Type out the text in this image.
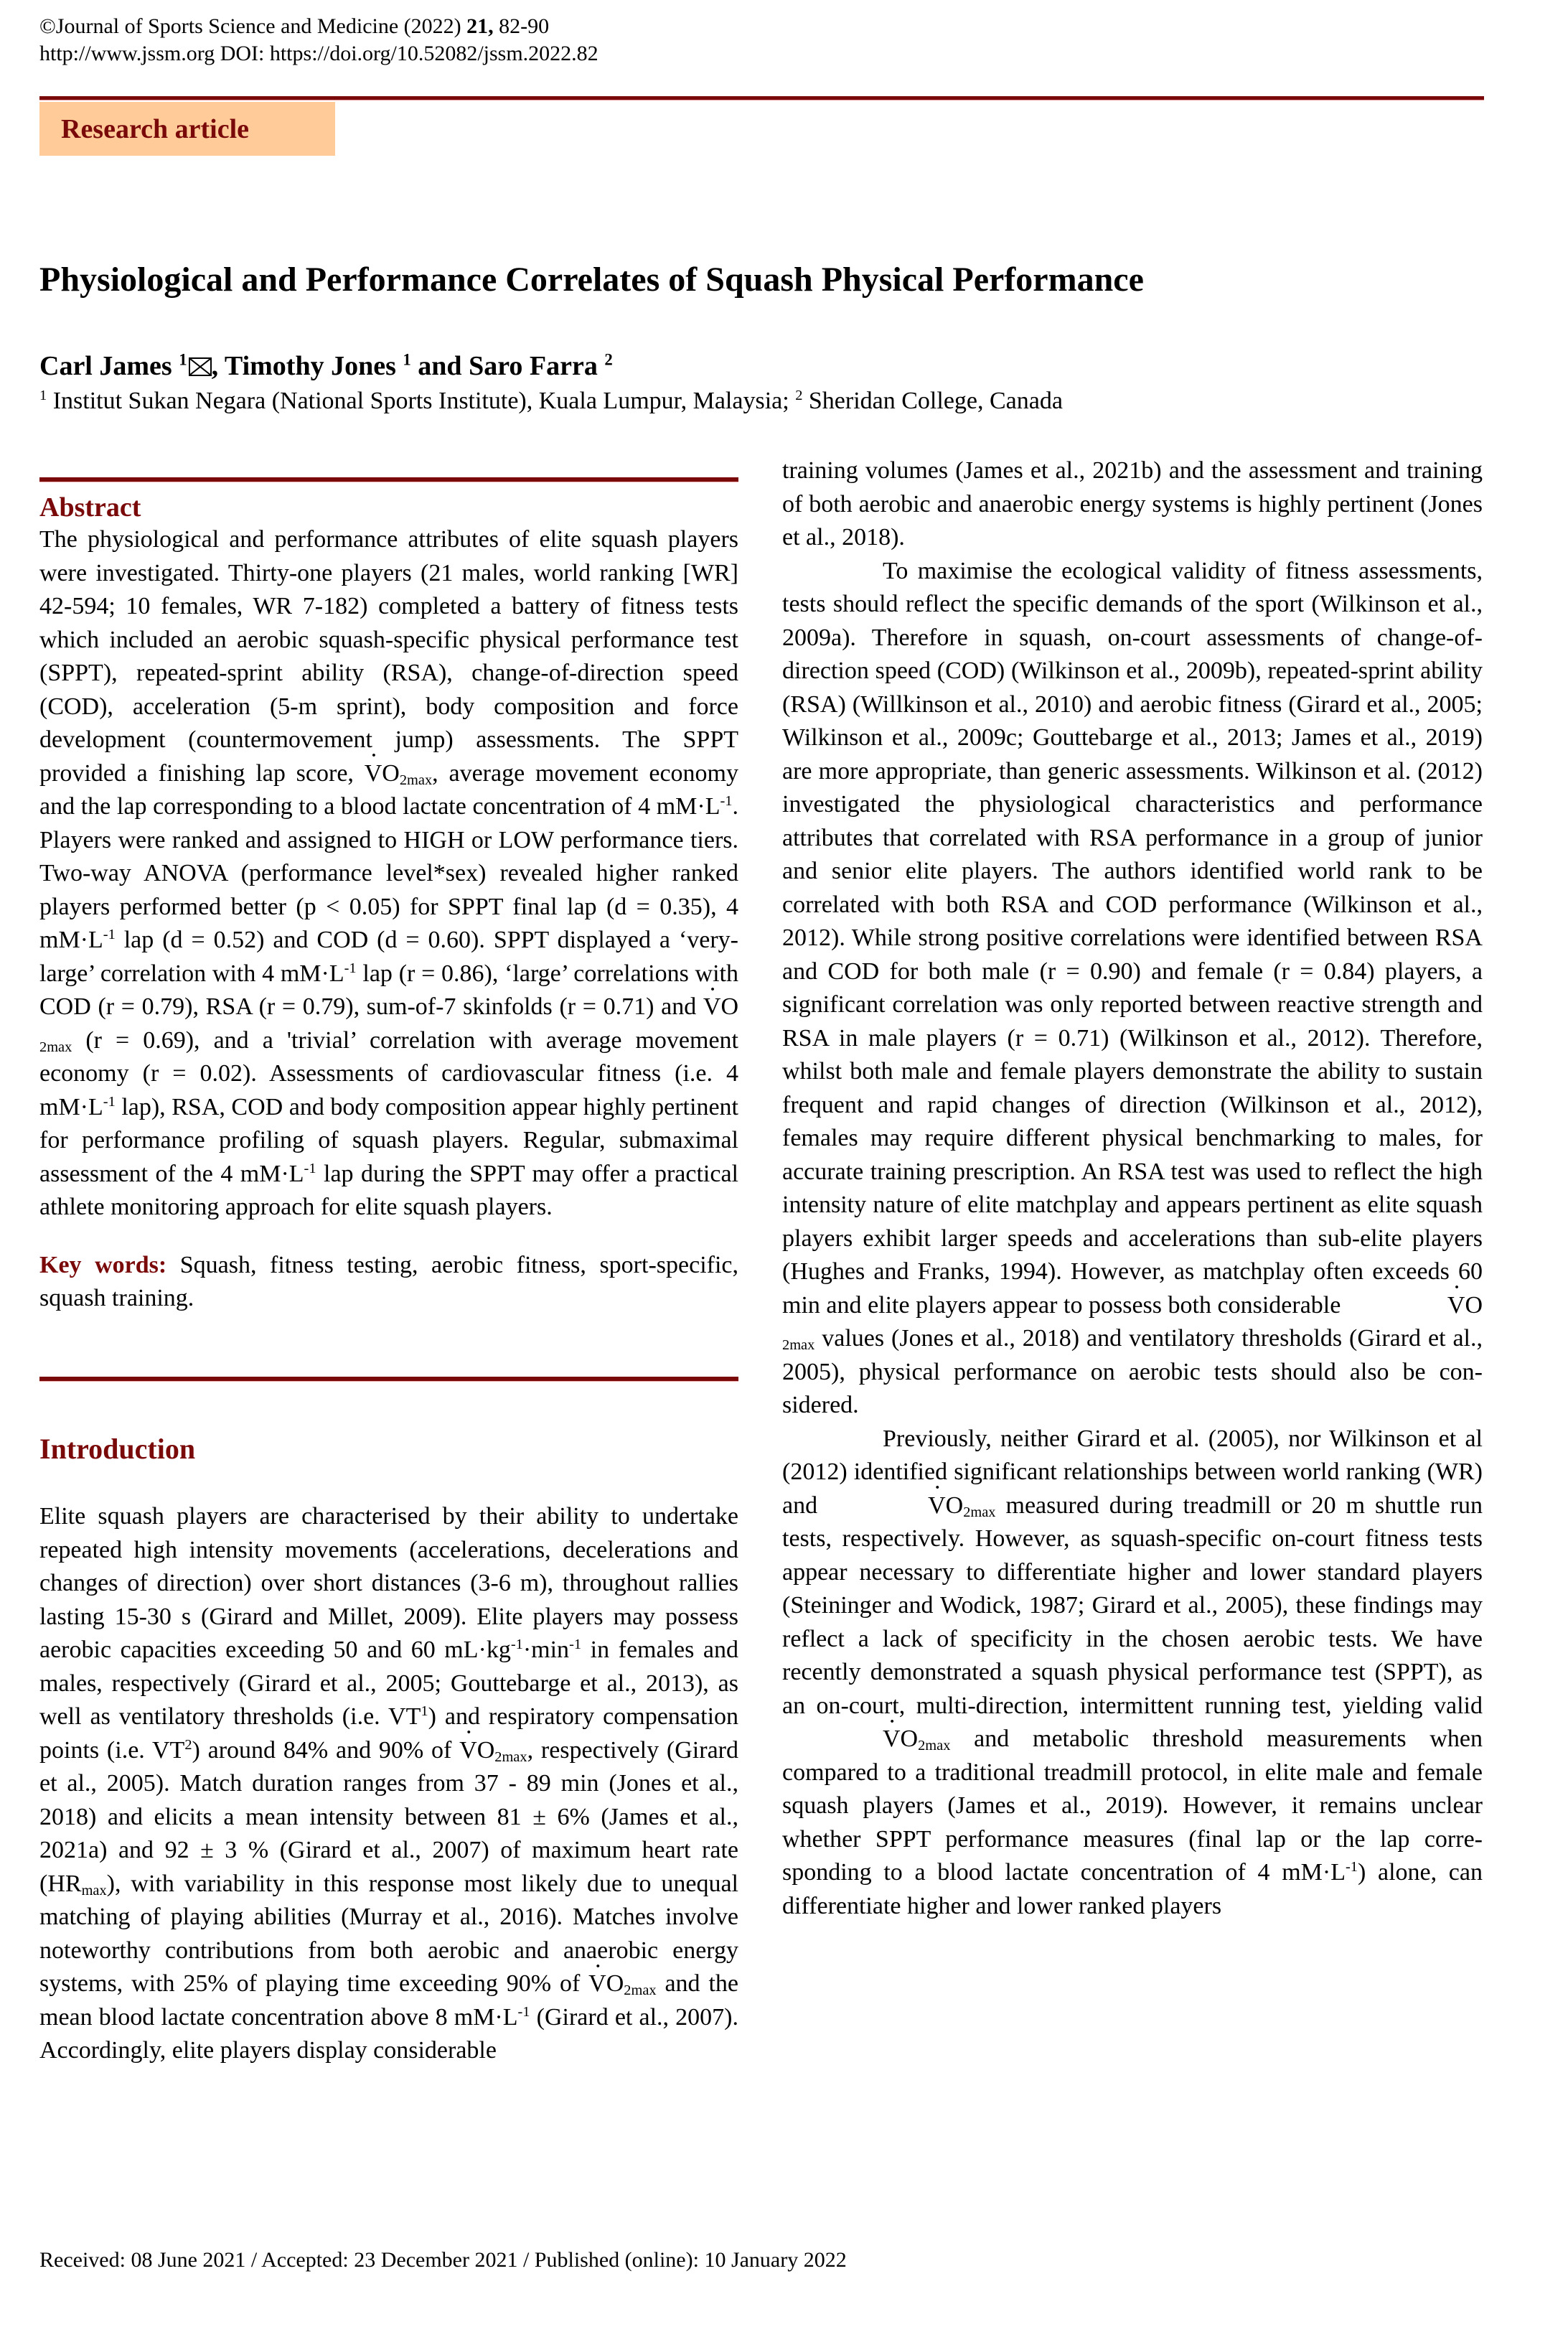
©Journal of Sports Science and Medicine (2022) 21, 82-90
http://www.jssm.org DOI: https://doi.org/10.52082/jssm.2022.82
Research article
Physiological and Performance Correlates of Squash Physical Performance
Carl James $^1$ , Timothy Jones $^1$ and Saro Farra $^2$
$^1$ Institut Sukan Negara (National Sports Institute), Kuala Lumpur, Malaysia; $^2$ Sheridan College, Canada
Abstract

The physiological and performance attributes of elite squash players were investigated. Thirty-one players (21 males, world ranking [WR] 42-594; 10 females, WR 7-182) completed a battery of fitness tests which included an aerobic squash-specific physical performance test (SPPT), repeated-sprint ability (RSA), change-of-direction speed (COD), acceleration (5-m sprint), body composition and force development (countermovement jump) assessments. The SPPT provided a finishing lap score, · $VO_{2max}$, average movement economy and the lap corresponding to a blood lactate concentration of 4 $mM\cdot L^{-1}$. Players were ranked and assigned to HIGH or LOW performance tiers. Two-way ANOVA (performance level*sex) revealed higher ranked players performed better (p < 0.05) for SPPT final lap (d = 0.35), 4 $mM\cdot L^{-1}$ lap (d = 0.52) and COD (d = 0.60). SPPT displayed a ‘very-large’ correlation with 4 $mM\cdot L^{-1}$ lap (r = 0.86), ‘large’ correlations with COD (r = 0.79), RSA (r = 0.79), sum-of-7 skinfolds (r = 0.71) and · $VO_{2max}$ (r = 0.69), and a 'trivial’ correlation with average movement economy (r = 0.02). Assessments of cardiovascular fitness (i.e. 4 $mM\cdot L^{-1}$ lap), RSA, COD and body composition appear highly pertinent for performance profiling of squash players. Regular, submaximal assessment of the 4 $mM\cdot L^{-1}$ lap during the SPPT may offer a practical athlete monitoring approach for elite squash players.

Key words: Squash, fitness testing, aerobic fitness, sport-specific, squash training.

Introduction

Elite squash players are characterised by their ability to undertake repeated high intensity movements (accelerations, decelerations and changes of direction) over short distances (3-6 m), throughout rallies lasting 15-30 s (Girard and Millet, 2009). Elite players may possess aerobic capacities exceeding 50 and 60 $mL\cdot kg^{-1}\cdot\min^{-1}$ in females and males, respectively (Girard et al., 2005; Gouttebarge et al., 2013), as well as ventilatory thresholds (i.e. $VT^1$) and respiratory compensation points (i.e. $VT^2$) around 84% and 90% of · $VO_{2max}$, respectively (Girard et al., 2005). Match duration ranges from 37 - 89 min (Jones et al., 2018) and elicits a mean intensity between 81 ± 6% (James et al., 2021a) and 92 ± 3 % (Girard et al., 2007) of maximum heart rate $(HR_{max})$, with variability in this response most likely due to unequal matching of playing abilities (Murray et al., 2016). Matches involve noteworthy contributions from both aerobic and anaerobic energy systems, with 25% of playing time exceeding 90% of · $VO_{2max}$ and the mean blood lactate concentration above 8 $mM\cdot L^{-1}$ (Girard et al., 2007). Accordingly, elite players display considerable

training volumes (James et al., 2021b) and the assessment and training of both aerobic and anaerobic energy systems is highly pertinent (Jones et al., 2018).

To maximise the ecological validity of fitness assessments, tests should reflect the specific demands of the sport (Wilkinson et al., 2009a). Therefore in squash, on-court assessments of change-of-direction speed (COD) (Wilkinson et al., 2009b), repeated-sprint ability (RSA) (Willkinson et al., 2010) and aerobic fitness (Girard et al., 2005; Wilkinson et al., 2009c; Gouttebarge et al., 2013; James et al., 2019) are more appropriate, than generic assessments. Wilkinson et al. (2012) investigated the physiological characteristics and performance attributes that correlated with RSA performance in a group of junior and senior elite players. The authors identified world rank to be correlated with both RSA and COD performance (Wilkinson et al., 2012). While strong positive correlations were identified between RSA and COD for both male (r = 0.90) and female (r = 0.84) players, a significant correlation was only reported between reactive strength and RSA in male players (r = 0.71) (Wilkinson et al., 2012). Therefore, whilst both male and female players demonstrate the ability to sustain frequent and rapid changes of direction (Wilkinson et al., 2012), females may require different physical benchmarking to males, for accurate training prescription. An RSA test was used to reflect the high intensity nature of elite matchplay and appears pertinent as elite squash players exhibit larger speeds and accelerations than sub-elite players (Hughes and Franks, 1994). However, as matchplay often exceeds 60 min and elite players appear to possess both considerable	· $VO_{2max}$ values (Jones et al., 2018) and ventilatory thresholds (Girard et al., 2005), physical performance on aerobic tests should also be considered.

Previously, neither Girard et al. (2005), nor Wilkinson et al (2012) identified significant relationships between world ranking (WR) and	· $VO_{2max}$ measured during treadmill or 20 m shuttle run tests, respectively. However, as squash-specific on-court fitness tests appear necessary to differentiate higher and lower standard players (Steininger and Wodick, 1987; Girard et al., 2005), these findings may reflect a lack of specificity in the chosen aerobic tests. We have recently demonstrated a squash physical performance test (SPPT), as an on-court, multi-direction, intermittent running test, yielding valid · $VO_{2max}$ and metabolic threshold measurements when compared to a traditional treadmill protocol, in elite male and female squash players (James et al., 2019). However, it remains unclear whether SPPT performance measures (final lap or the lap corresponding to a blood lactate concentration of 4 $mM\cdot L^{-1}$) alone, can differentiate higher and lower ranked players

Received: 08 June 2021 / Accepted: 23 December 2021 / Published (online): 10 January 2022
